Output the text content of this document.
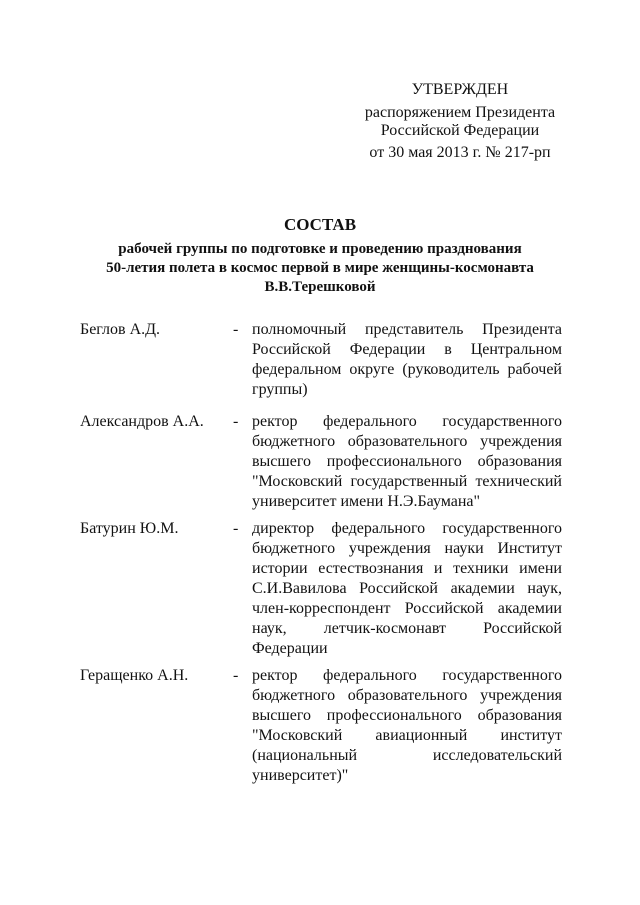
УТВЕРЖДЕН
распоряжением Президента
Российской Федерации
от 30 мая 2013 г. № 217-рп
СОСТАВ
рабочей группы по подготовке и проведению празднования
50-летия полета в космос первой в мире женщины-космонавта
В.В.Терешковой
Беглов А.Д.	- полномочный представитель Президента Российской Федерации в Центральном федеральном округе (руководитель рабочей группы)
Александров А.А.	- ректор федерального государственного бюджетного образовательного учреждения высшего профессионального образования "Московский государственный технический университет имени Н.Э.Баумана"
Батурин Ю.М.	- директор федерального государственного бюджетного учреждения науки Институт истории естествознания и техники имени С.И.Вавилова Российской академии наук, член-корреспондент Российской академии наук, летчик-космонавт Российской Федерации
Геращенко А.Н.	- ректор федерального государственного бюджетного образовательного учреждения высшего профессионального образования "Московский авиационный институт (национальный исследовательский университет)"
